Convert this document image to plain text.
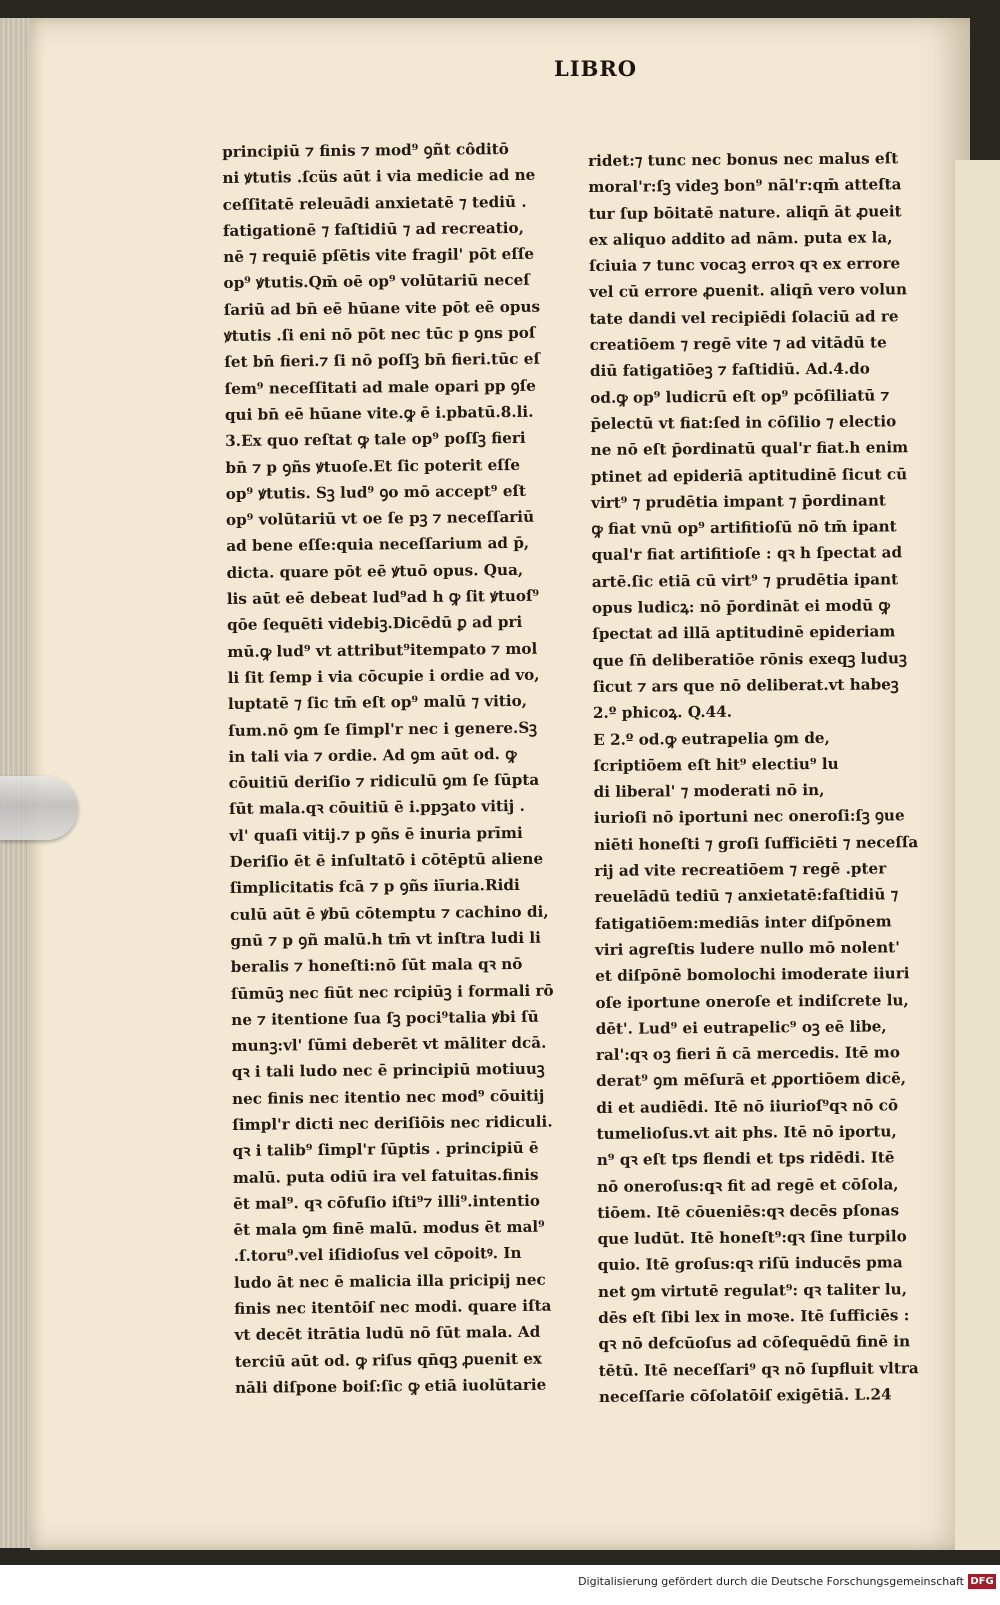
LIBRO
principiū ⁊ finis ⁊ mod⁹ ꝯñt côditō
ni ꝟtutis .ſcüs aūt i via medicie ad ne
ceſſitatē releuādi anxietatē ⁊ tediū .
fatigationē ⁊ faſtidiū ⁊ ad recreatio,
nē ⁊ requiē pſētis vite fragil' pōt eſſe
op⁹ ꝟtutis.Qm̄ oē op⁹ volūtariū neceſ
ſariū ad bn̄ eē hūane vite pōt eē opus
ꝟtutis .ſi eni nō pōt nec tūc p ꝯns poſ
ſet bn̄ fieri.⁊ ſi nō poſſꝫ bn̄ fieri.tūc eſ
ſem⁹ neceſſitati ad male opari pp ꝯſe
qui bn̄ eē hūane vite.ꝙ ē i.pbatū.8.li.
3.Ex quo reſtat ꝙ tale op⁹ poſſꝫ fieri
bn̄ ⁊ p ꝯñs ꝟtuoſe.Et ſic poterit eſſe
op⁹ ꝟtutis. Sꝫ lud⁹ ꝯo mō accept⁹ eſt
op⁹ volūtariū vt oe ſe pꝫ ⁊ neceſſariū
ad bene eſſe:quia neceſſarium ad p̄,
dicta. quare pōt eē ꝟtuō opus. Qua,
lis aūt eē debeat lud⁹ad h ꝙ ſit ꝟtuoſ⁹
qōe ſequēti videbiꝫ.Dicēdū ꝑ ad pri
mū.ꝙ lud⁹ vt attribut⁹itempato ⁊ mol
li ſit ſemp i via cōcupie i ordie ad vo,
luptatē ⁊ ſic tm̄ eſt op⁹ malū ⁊ vitio,
ſum.nō ꝯm ſe ſimpl'r nec i genere.Sꝫ
in tali via ⁊ ordie. Ad ꝯm aūt od. ꝙ
cōuitiū deriſio ⁊ ridiculū ꝯm ſe ſūpta
ſūt mala.qꝛ cōuitiū ē i.ppꝫato vitij .
vl' quaſi vitij.⁊ p ꝯñs ē inuria prīmi
Deriſio ēt ē inſultatō i cōtēptū aliene
ſimplicitatis fcā ⁊ p ꝯñs iīuria.Ridi
culū aūt ē ꝟbū cōtemptu ⁊ cachino di,
gnū ⁊ p ꝯñ malū.h tm̄ vt inſtra ludi li
beralis ⁊ honeſti:nō ſūt mala qꝛ nō
ſūmūꝫ nec fiūt nec rcipiūꝫ i formali rō
ne ⁊ itentione ſua ſꝫ poci⁹talia ꝟbi ſū
munꝫ:vl' ſūmi deberēt vt māliter dcā.
qꝛ i tali ludo nec ē principiū motiuuꝫ
nec finis nec itentio nec mod⁹ cōuitij
ſimpl'r dicti nec deriſiōis nec ridiculi.
qꝛ i talib⁹ ſimpl'r ſūptis . principiū ē
malū. puta odiū ira vel fatuitas.finis
ēt mal⁹. qꝛ cōfuſio iſti⁹⁊ illi⁹.intentio
ēt mala ꝯm finē malū. modus ēt mal⁹
.ſ.toru⁹.vel iſidioſus vel cōpoitꝰ. In
ludo āt nec ē malicia illa pricipij nec
finis nec itentōiſ nec modi. quare iſta
vt decēt itrātia ludū nō ſūt mala. Ad
terciū aūt od. ꝙ riſus qn̄qꝫ ꝓuenit ex
nāli diſpone boiſ:ſic ꝙ etiā iuolūtarie
ridet:⁊ tunc nec bonus nec malus eſt
moral'r:ſꝫ videꝫ bon⁹ nāl'r:qm̄ atteſta
tur ſup bōitatē nature. aliqn̄ āt ꝓueit
ex aliquo addito ad nām. puta ex la,
ſciuia ⁊ tunc vocaꝫ erroꝛ qꝛ ex errore
vel cū errore ꝓuenit. aliqn̄ vero volun
tate dandi vel recipiēdi ſolaciū ad re
creatiōem ⁊ regē vite ⁊ ad vitādū te
diū fatigatiōeꝫ ⁊ faſtidiū. Ad.4.do
od.ꝙ op⁹ ludicrū eſt op⁹ pcōſiliatū ⁊
p̄electū vt fiat:ſed in cōſilio ⁊ electio
ne nō eſt p̄ordinatū qual'r fiat.h enim
ptinet ad epideriā aptitudinē ſicut cū
virt⁹ ⁊ prudētia impant ⁊ p̄ordinant
ꝙ fiat vnū op⁹ artifitioſū nō tm̄ ipant
qual'r fiat artifitioſe : qꝛ h ſpectat ad
artē.ſic etiā cū virt⁹ ⁊ prudētia ipant
opus ludicꝝ: nō p̄ordināt ei modū ꝙ
ſpectat ad illā aptitudinē epideriam
que ſn̄ deliberatiōe rōnis exeqꝫ luduꝫ
ſicut ⁊ ars que nō deliberat.vt habeꝫ
2.º phicoꝝ. Q.44.
E 2.º od.ꝙ eutrapelia ꝯm de,
ſcriptiōem eſt hit⁹ electiu⁹ lu
di liberal' ⁊ moderati nō in,
iurioſi nō iportuni nec oneroſi:ſꝫ ꝯue
niēti honeſti ⁊ groſi ſufficiēti ⁊ neceſſa
rij ad vite recreatiōem ⁊ regē .pter
reuelādū tediū ⁊ anxietatē:faſtidiū ⁊
fatigatiōem:mediās inter diſpōnem
viri agreſtis ludere nullo mō nolent'
et diſpōnē bomolochi imoderate iiuri
oſe iportune oneroſe et indiſcrete lu,
dēt'. Lud⁹ ei eutrapelic⁹ oꝫ eē libe,
ral':qꝛ oꝫ fieri ñ cā mercedis. Itē mo
derat⁹ ꝯm mēſurā et ꝓportiōem dicē,
di et audiēdi. Itē nō iiurioſ⁹qꝛ nō cō
tumelioſus.vt ait phs. Itē nō iportu,
n⁹ qꝛ eſt tps flendi et tps ridēdi. Itē
nō oneroſus:qꝛ fit ad regē et cōſola,
tiōem. Itē cōueniēs:qꝛ decēs pſonas
que ludūt. Itē honeſt⁹:qꝛ ſine turpilo
quio. Itē groſus:qꝛ riſū inducēs pma
net ꝯm virtutē regulat⁹: qꝛ taliter lu,
dēs eſt ſibi lex in moꝛe. Itē ſufficiēs :
qꝛ nō defcūoſus ad cōſequēdū finē in
tētū. Itē neceſſari⁹ qꝛ nō ſupfluit vltra
neceſſarie cōſolatōiſ exigētiā. L.24
Digitalisierung gefördert durch die Deutsche Forschungsgemeinschaft DFG
